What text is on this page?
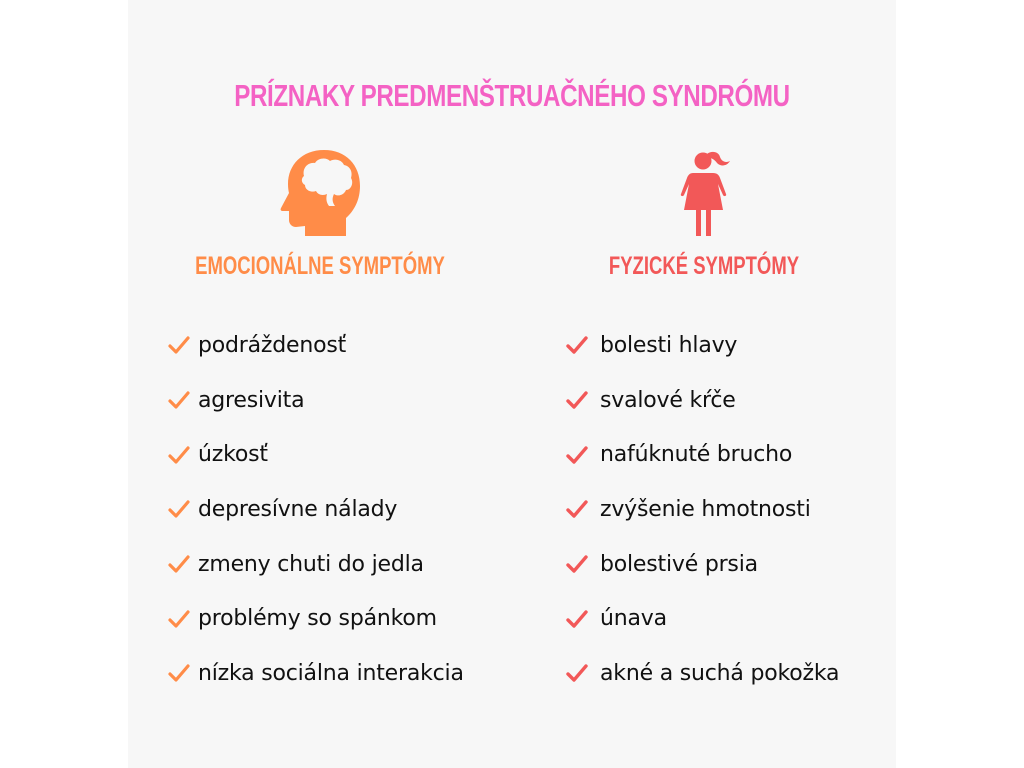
PRÍZNAKY PREDMENŠTRUAČNÉHO SYNDRÓMU
EMOCIONÁLNE SYMPTÓMY	FYZICKÉ SYMPTÓMY
podráždenosť
agresivita
úzkosť
depresívne nálady
zmeny chuti do jedla
problémy so spánkom
nízka sociálna interakcia
bolesti hlavy
svalové kŕče
nafúknuté brucho
zvýšenie hmotnosti
bolestivé prsia
únava
akné a suchá pokožka
